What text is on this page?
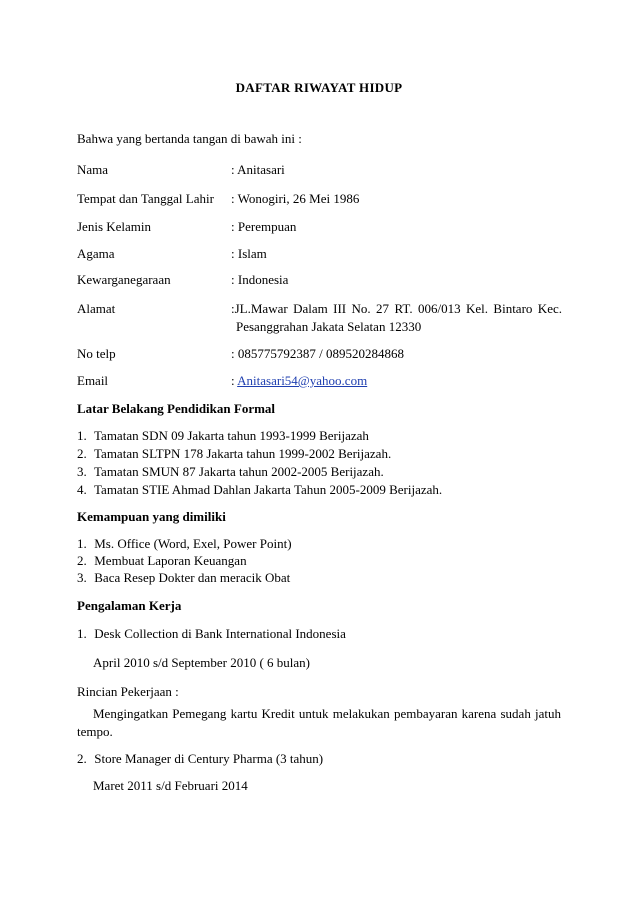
DAFTAR RIWAYAT HIDUP
Bahwa yang bertanda tangan di bawah ini :
Nama	: Anitasari
Tempat dan Tanggal Lahir : Wonogiri, 26 Mei 1986
Jenis Kelamin	: Perempuan
Agama	: Islam
Kewarganegaraan	: Indonesia
Alamat	:JL.Mawar Dalam III No. 27 RT. 006/013 Kel. Bintaro Kec.
Pesanggrahan Jakata Selatan 12330
No telp	: 085775792387 / 089520284868
Email	: Anitasari54@yahoo.com
Latar Belakang Pendidikan Formal
1. Tamatan SDN 09 Jakarta tahun 1993-1999 Berijazah
2. Tamatan SLTPN 178 Jakarta tahun 1999-2002 Berijazah.
3. Tamatan SMUN 87 Jakarta tahun 2002-2005 Berijazah.
4. Tamatan STIE Ahmad Dahlan Jakarta Tahun 2005-2009 Berijazah.
Kemampuan yang dimiliki
1. Ms. Office (Word, Exel, Power Point)
2. Membuat Laporan Keuangan
3. Baca Resep Dokter dan meracik Obat
Pengalaman Kerja
1. Desk Collection di Bank International Indonesia
April 2010 s/d September 2010 ( 6 bulan)
Rincian Pekerjaan :
Mengingatkan Pemegang kartu Kredit untuk melakukan pembayaran karena sudah jatuh
tempo.
2. Store Manager di Century Pharma (3 tahun)
Maret 2011 s/d Februari 2014
